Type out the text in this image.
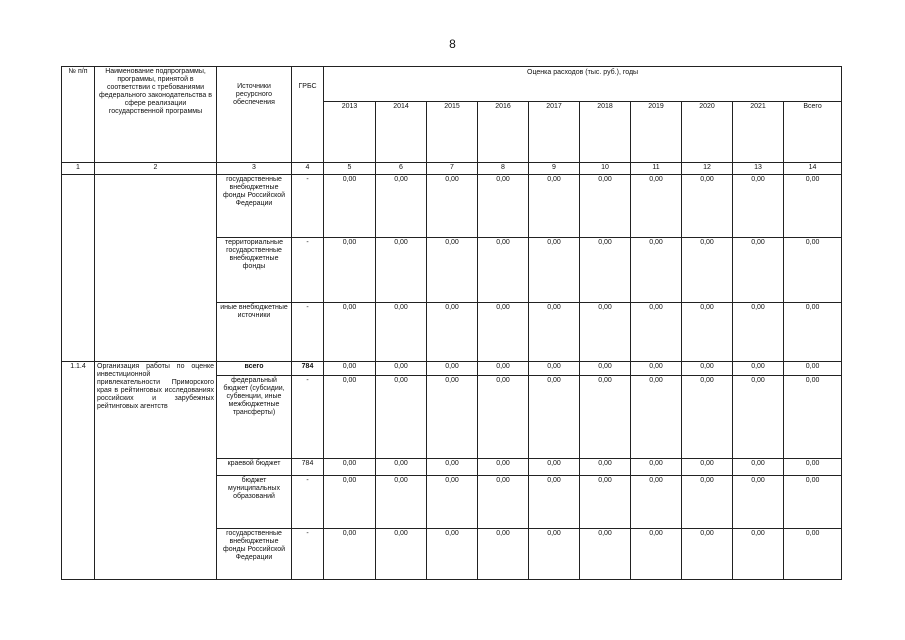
8
№ п/п	Наименование подпрограммы, программы, принятой в соответствии с требованиями федерального законодательства в сфере реализации государственной программы	Источники ресурсного обеспечения	ГРБС	Оценка расходов (тыс. руб.), годы									
				2013	2014	2015	2016	2017	2018	2019	2020	2021	Всего
1	2	3	4	5	6	7	8	9	10	11	12	13	14
		государственные внебюджетные фонды Российской Федерации	-	0,00	0,00	0,00	0,00	0,00	0,00	0,00	0,00	0,00	0,00
		территориальные государственные внебюджетные фонды	-	0,00	0,00	0,00	0,00	0,00	0,00	0,00	0,00	0,00	0,00
		иные внебюджетные источники	-	0,00	0,00	0,00	0,00	0,00	0,00	0,00	0,00	0,00	0,00
1.1.4	Организация работы по оценке инвестиционной привлекательности Приморского края в рейтинговых исследованиях российских и зарубежных рейтинговых агентств	всего	784	0,00	0,00	0,00	0,00	0,00	0,00	0,00	0,00	0,00	0,00
		федеральный бюджет (субсидии, субвенции, иные межбюджетные трансферты)	-	0,00	0,00	0,00	0,00	0,00	0,00	0,00	0,00	0,00	0,00
		краевой бюджет	784	0,00	0,00	0,00	0,00	0,00	0,00	0,00	0,00	0,00	0,00
		бюджет муниципальных образований	-	0,00	0,00	0,00	0,00	0,00	0,00	0,00	0,00	0,00	0,00
		государственные внебюджетные фонды Российской Федерации	-	0,00	0,00	0,00	0,00	0,00	0,00	0,00	0,00	0,00	0,00
